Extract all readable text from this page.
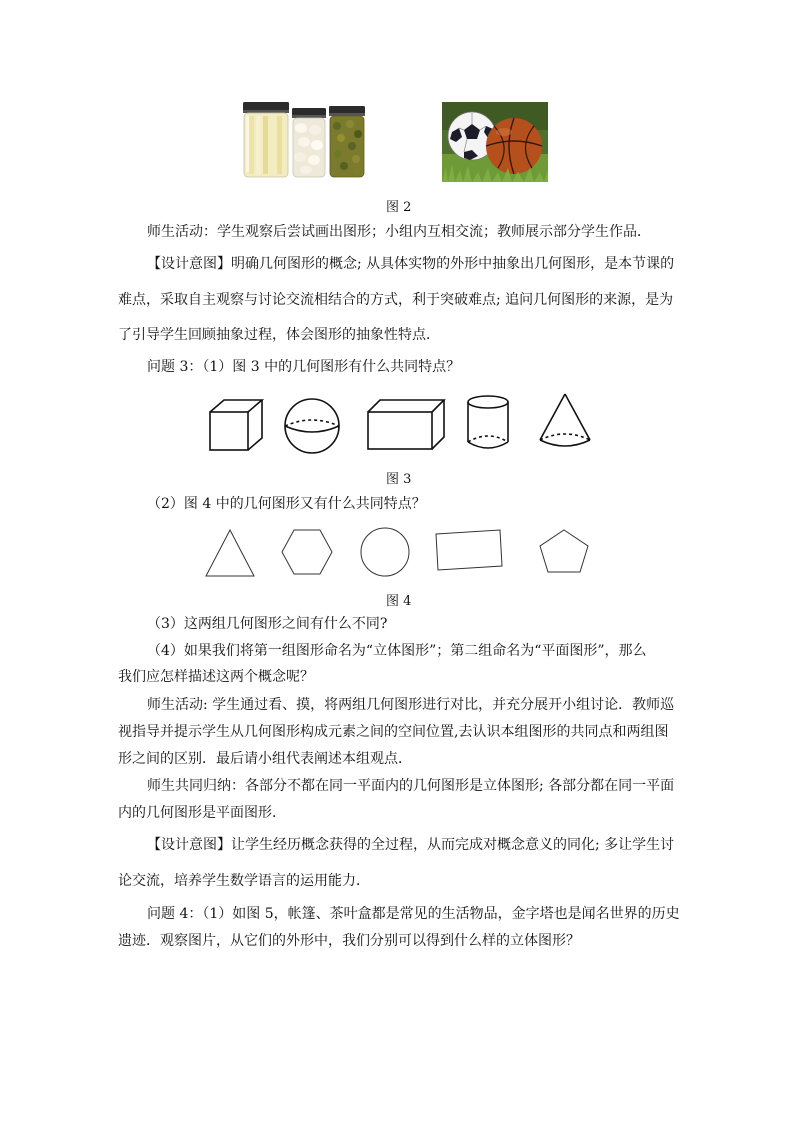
图 2
师生活动：学生观察后尝试画出图形；小组内互相交流；教师展示部分学生作品．
【设计意图】明确几何图形的概念; 从具体实物的外形中抽象出几何图形，是本节课的
难点，采取自主观察与讨论交流相结合的方式，利于突破难点; 追问几何图形的来源，是为
了引导学生回顾抽象过程，体会图形的抽象性特点．
问题 3：（1）图 3 中的几何图形有什么共同特点？
图 3
（2）图 4 中的几何图形又有什么共同特点？
图 4
（3）这两组几何图形之间有什么不同?
（4）如果我们将第一组图形命名为“立体图形”；第二组命名为“平面图形”，那么
我们应怎样描述这两个概念呢？
师生活动: 学生通过看、摸，将两组几何图形进行对比，并充分展开小组讨论．教师巡
视指导并提示学生从几何图形构成元素之间的空间位置,去认识本组图形的共同点和两组图
形之间的区别．最后请小组代表阐述本组观点．
师生共同归纳：各部分不都在同一平面内的几何图形是立体图形; 各部分都在同一平面
内的几何图形是平面图形．
【设计意图】让学生经历概念获得的全过程，从而完成对概念意义的同化; 多让学生讨
论交流，培养学生数学语言的运用能力．
问题 4：（1）如图 5，帐篷、茶叶盒都是常见的生活物品，金字塔也是闻名世界的历史
遗迹．观察图片，从它们的外形中，我们分别可以得到什么样的立体图形？
